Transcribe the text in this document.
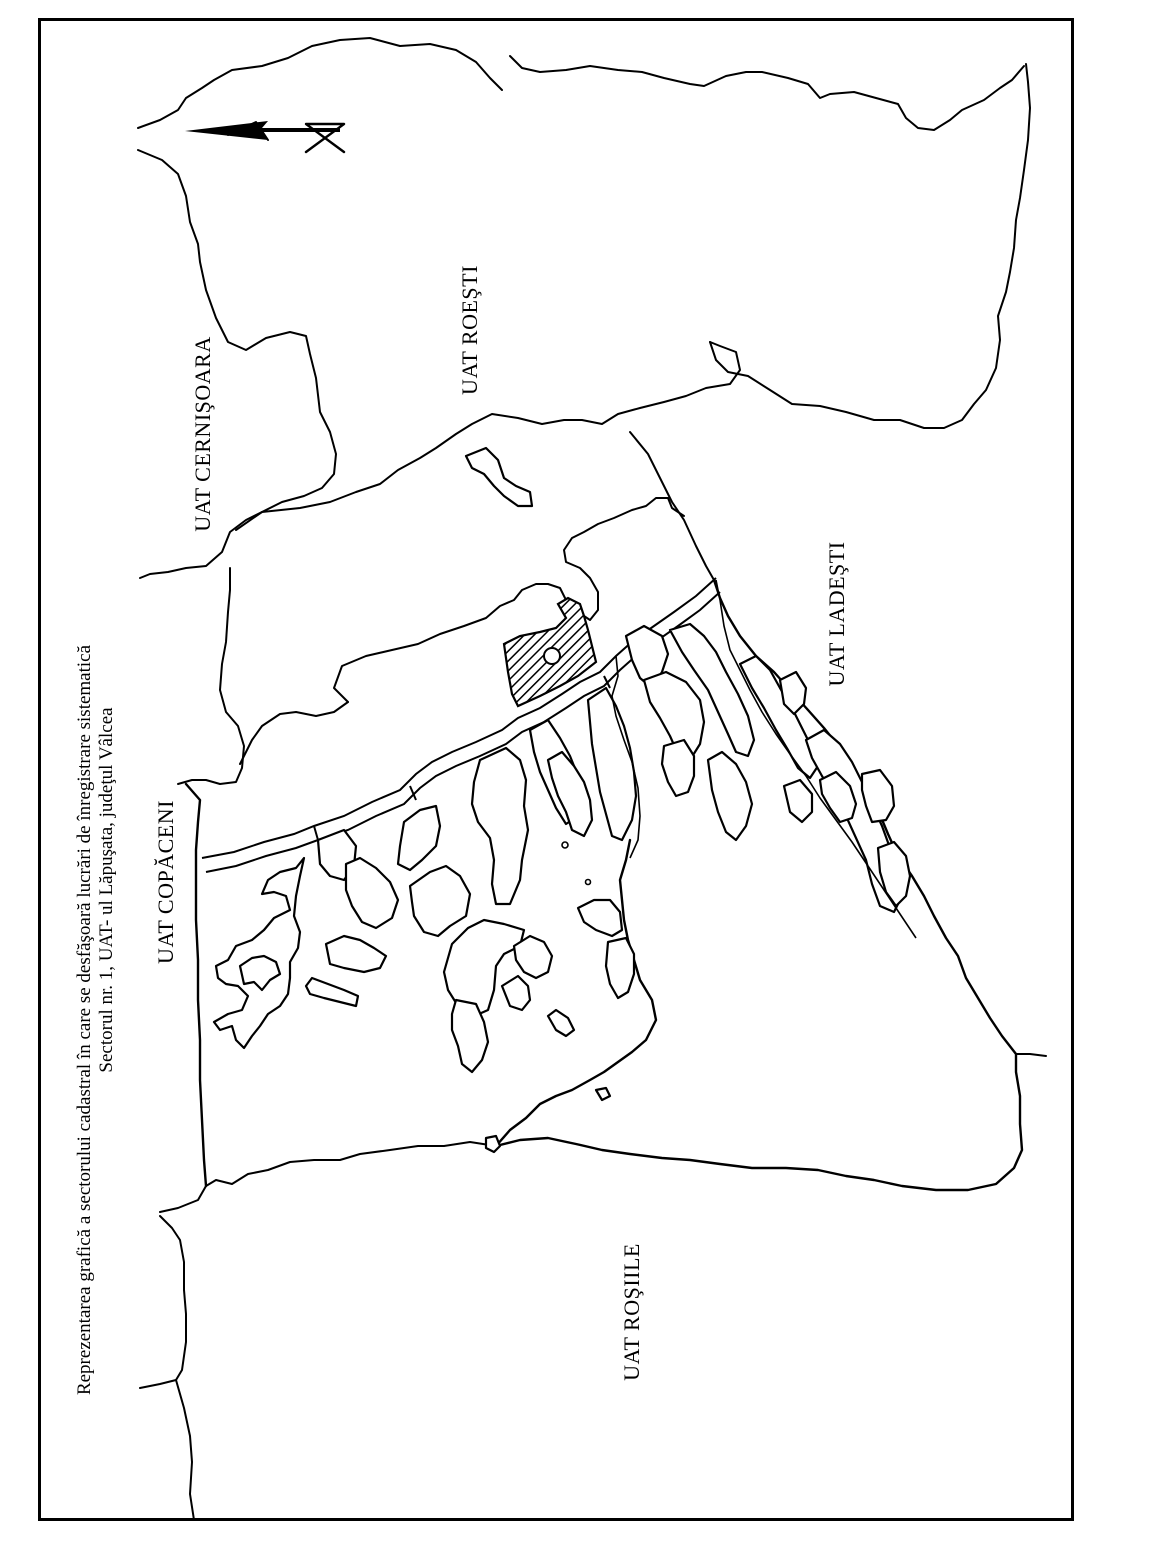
UAT CERNIŞOARA
UAT ROEŞTI
UAT COPĂCENI
UAT LADEŞTI
UAT ROŞIILE
Reprezentarea grafică a sectorului cadastral în care se desfăşoară lucrări de înregistrare sistematică Sectorul nr. 1, UAT- ul Lăpuşata, judeţul Vâlcea
